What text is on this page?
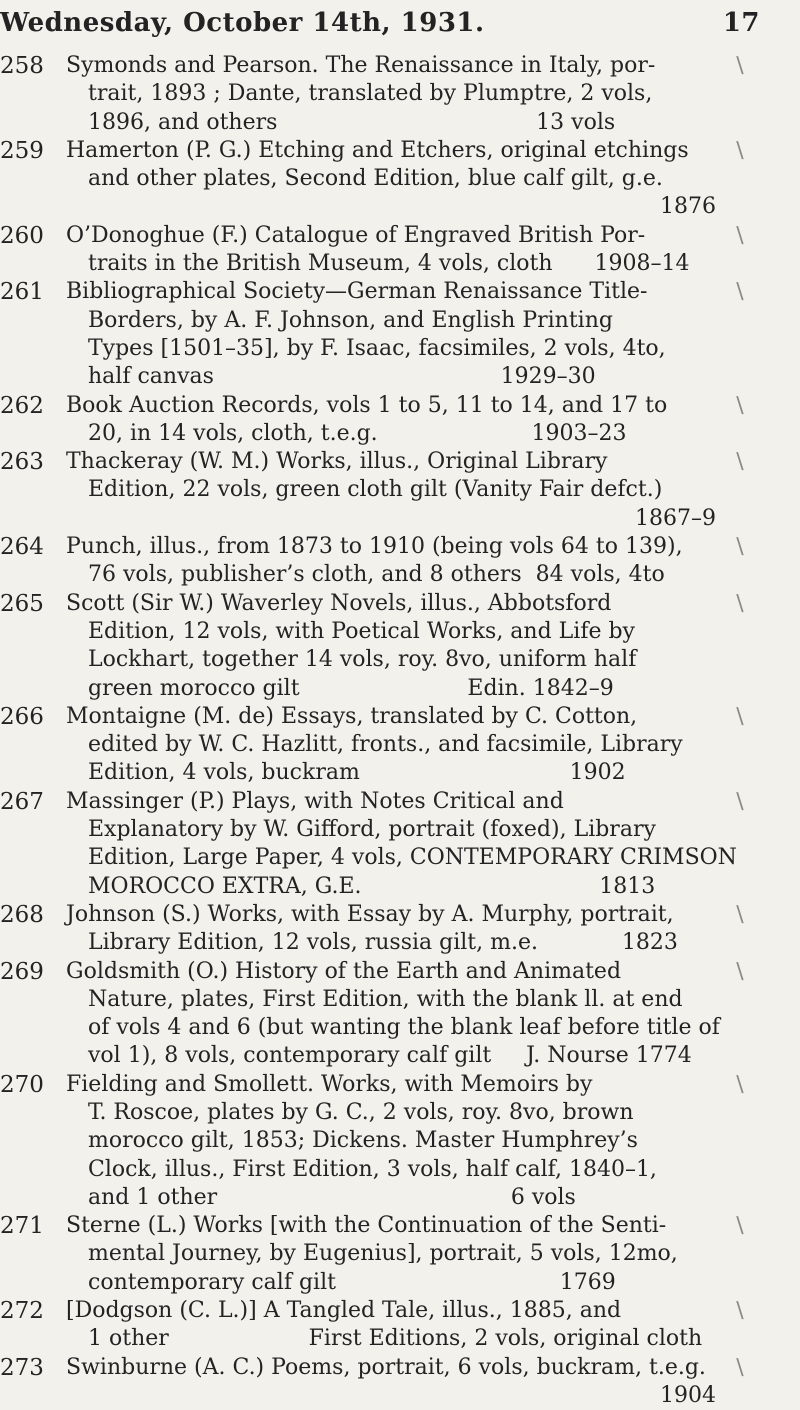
Wednesday, October 14th, 1931.	17
258	Symonds and Pearson. The Renaissance in Italy, por-
trait, 1893 ; Dante, translated by Plumptre, 2 vols,
1896, and others                                     13 vols
∖
259	Hamerton (P. G.) Etching and Etchers, original etchings
and other plates, Second Edition, blue calf gilt, g.e.
1876
∖
260	O’Donoghue (F.) Catalogue of Engraved British Por-
traits in the British Museum, 4 vols, cloth      1908–14
∖
261	Bibliographical Society—German Renaissance Title-
Borders, by A. F. Johnson, and English Printing
Types [1501–35], by F. Isaac, facsimiles, 2 vols, 4to,
half canvas                                         1929–30
∖
262	Book Auction Records, vols 1 to 5, 11 to 14, and 17 to
20, in 14 vols, cloth, t.e.g.                      1903–23
∖
263	Thackeray (W. M.) Works, illus., Original Library
Edition, 22 vols, green cloth gilt (Vanity Fair defct.)
1867–9
∖
264	Punch, illus., from 1873 to 1910 (being vols 64 to 139),
76 vols, publisher’s cloth, and 8 others  84 vols, 4to
∖
265	Scott (Sir W.) Waverley Novels, illus., Abbotsford
Edition, 12 vols, with Poetical Works, and Life by
Lockhart, together 14 vols, roy. 8vo, uniform half
green morocco gilt                        Edin. 1842–9
∖
266	Montaigne (M. de) Essays, translated by C. Cotton,
edited by W. C. Hazlitt, fronts., and facsimile, Library
Edition, 4 vols, buckram                              1902
∖
267	Massinger (P.) Plays, with Notes Critical and
Explanatory by W. Gifford, portrait (foxed), Library
Edition, Large Paper, 4 vols, CONTEMPORARY CRIMSON
MOROCCO EXTRA, G.E.                                  1813
∖
268	Johnson (S.) Works, with Essay by A. Murphy, portrait,
Library Edition, 12 vols, russia gilt, m.e.            1823
∖
269	Goldsmith (O.) History of the Earth and Animated
Nature, plates, First Edition, with the blank ll. at end
of vols 4 and 6 (but wanting the blank leaf before title of
vol 1), 8 vols, contemporary calf gilt     J. Nourse 1774
∖
270	Fielding and Smollett. Works, with Memoirs by
T. Roscoe, plates by G. C., 2 vols, roy. 8vo, brown
morocco gilt, 1853; Dickens. Master Humphrey’s
Clock, illus., First Edition, 3 vols, half calf, 1840–1,
and 1 other                                          6 vols
∖
271	Sterne (L.) Works [with the Continuation of the Senti-
mental Journey, by Eugenius], portrait, 5 vols, 12mo,
contemporary calf gilt                                1769
∖
272	[Dodgson (C. L.)] A Tangled Tale, illus., 1885, and
1 other                    First Editions, 2 vols, original cloth
∖
273	Swinburne (A. C.) Poems, portrait, 6 vols, buckram, t.e.g.
1904
∖
